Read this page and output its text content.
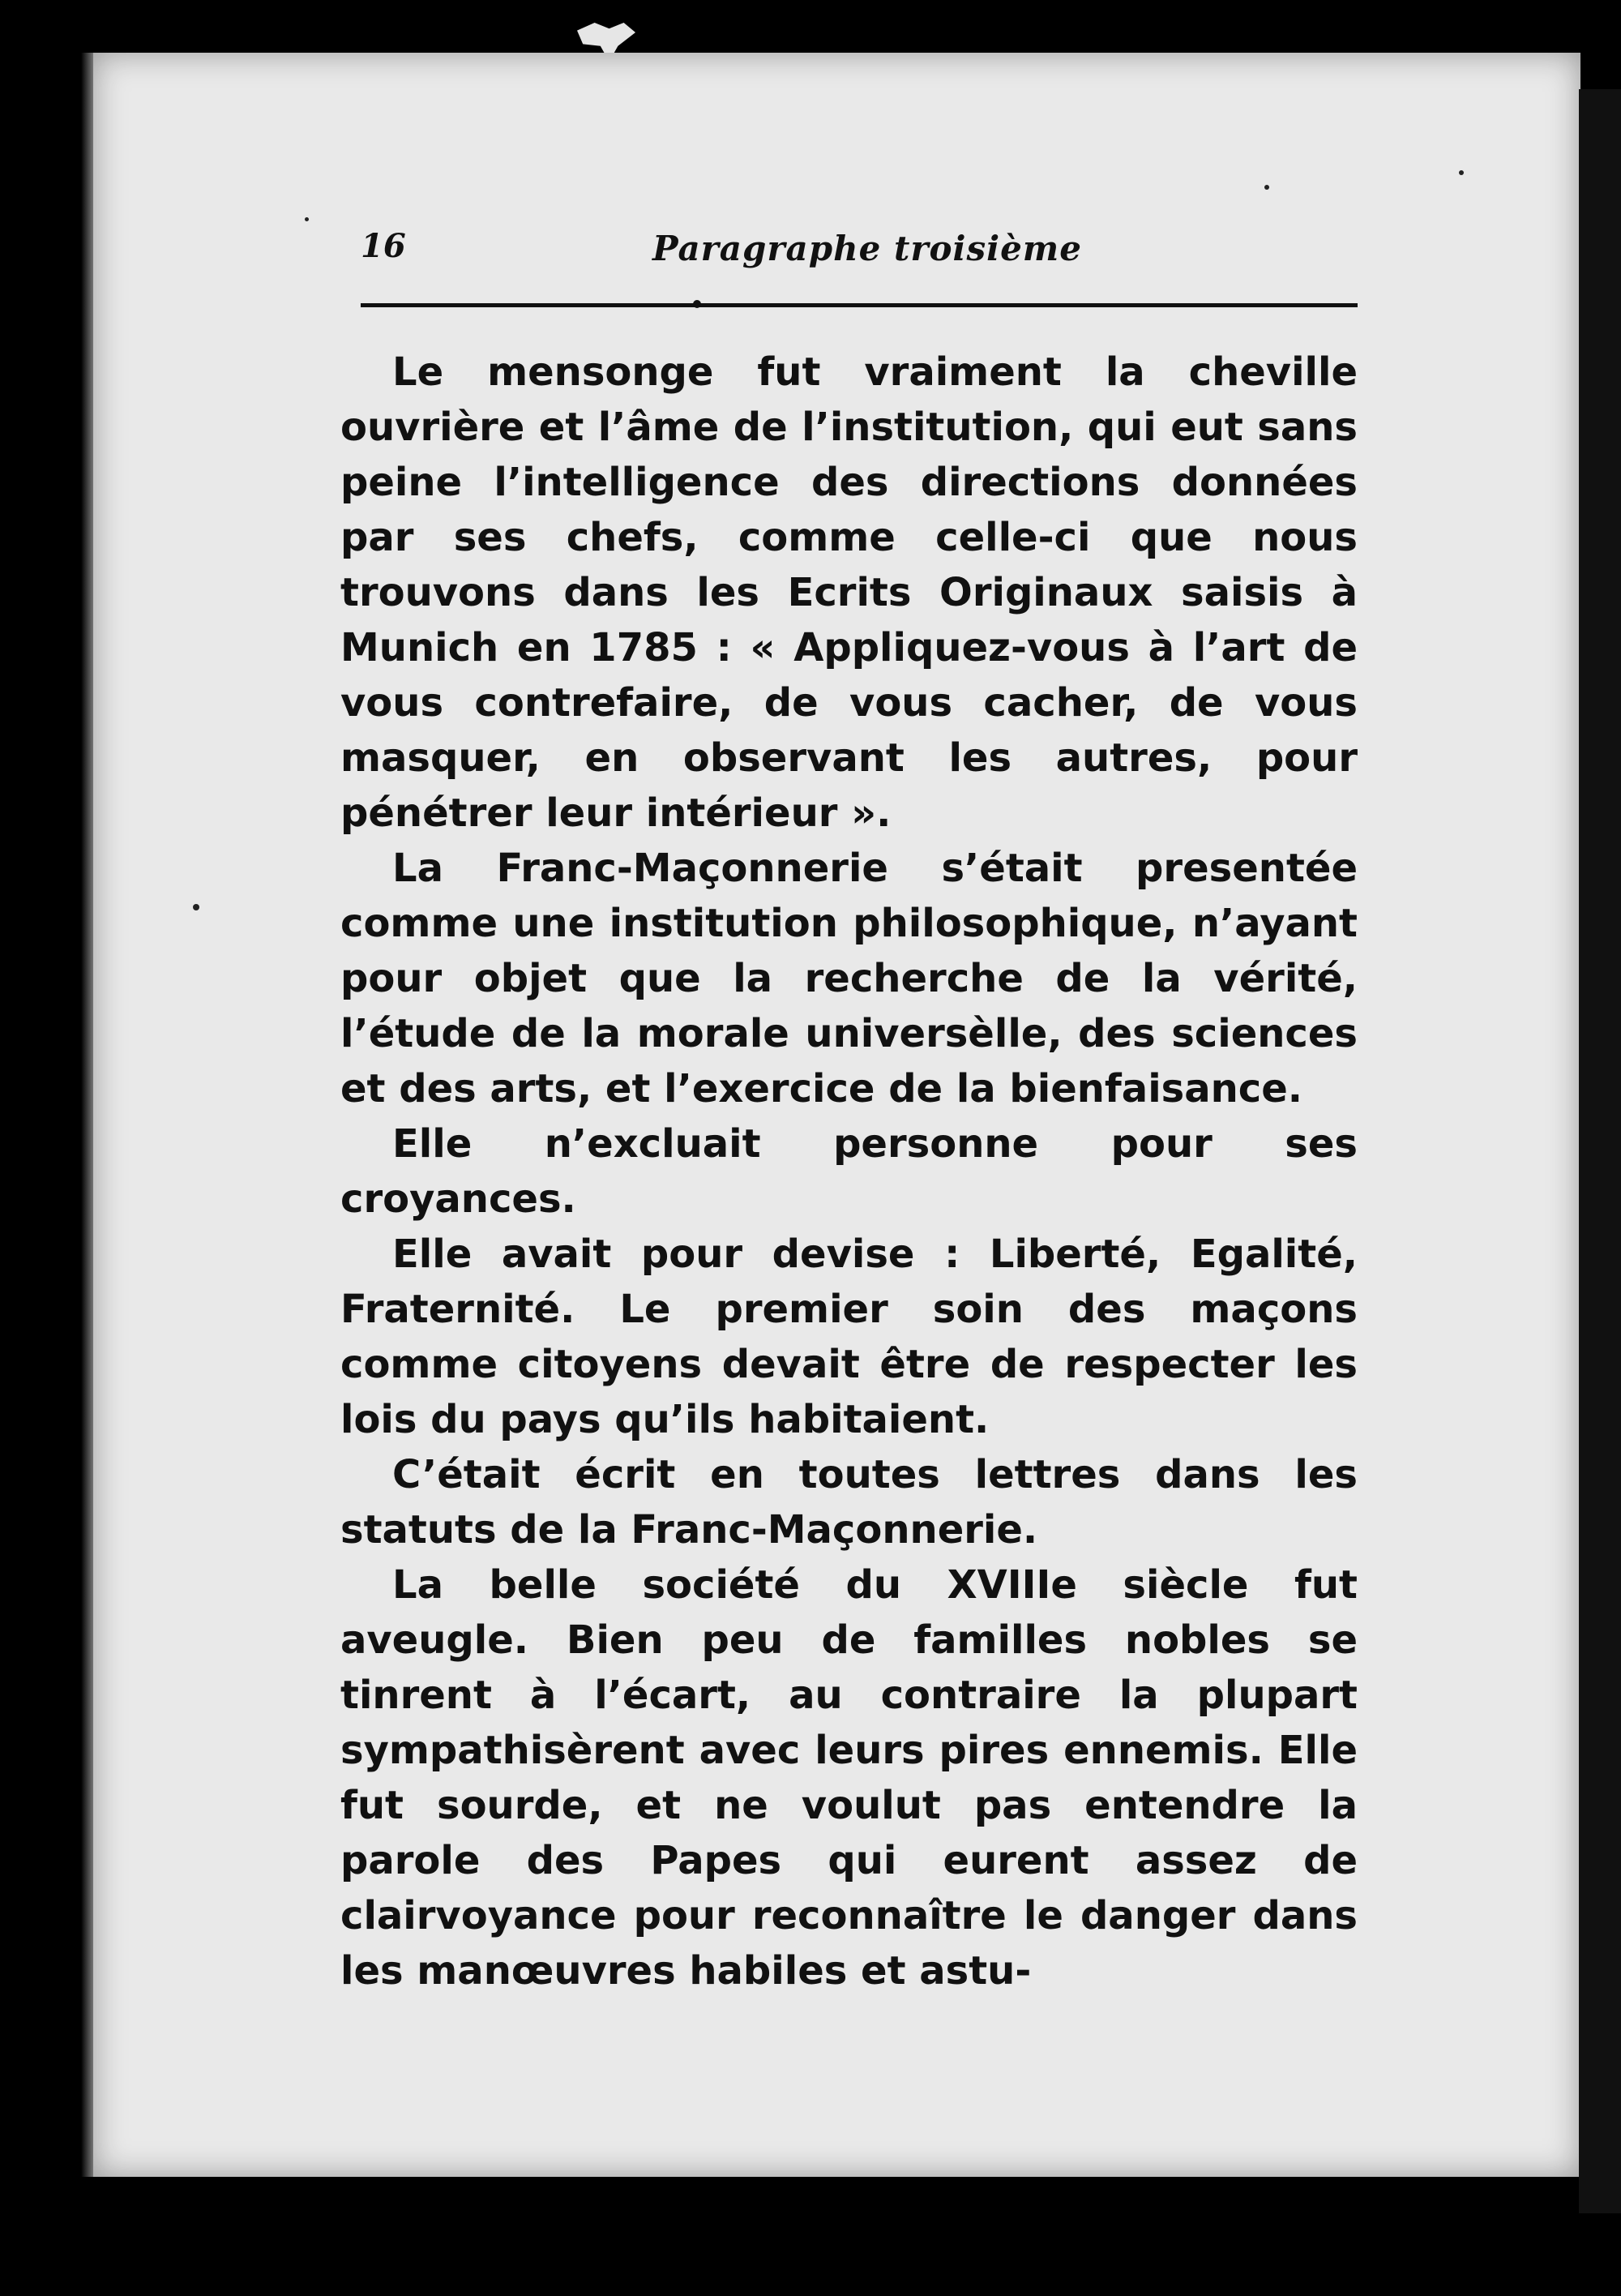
16	Paragraphe troisième

Le mensonge fut vraiment la cheville ouvrière et l’âme de l’institution, qui eut sans peine l’intelligence des directions données par ses chefs, comme celle-ci que nous trouvons dans les Ecrits Originaux saisis à Munich en 1785 : « Appliquez-vous à l’art de vous contrefaire, de vous cacher, de vous masquer, en observant les autres, pour pénétrer leur intérieur ».

La Franc-Maçonnerie s’était presentée comme une institution philosophique, n’ayant pour objet que la recherche de la vérité, l’étude de la morale universèlle, des sciences et des arts, et l’exercice de la bienfaisance.

Elle n’excluait personne pour ses croyances.

Elle avait pour devise : Liberté, Egalité, Fraternité. Le premier soin des maçons comme citoyens devait être de respecter les lois du pays qu’ils habitaient.

C’était écrit en toutes lettres dans les statuts de la Franc-Maçonnerie.

La belle société du XVIIIe siècle fut aveugle. Bien peu de familles nobles se tinrent à l’écart, au contraire la plupart sympathisèrent avec leurs pires ennemis. Elle fut sourde, et ne voulut pas entendre la parole des Papes qui eurent assez de clairvoyance pour reconnaître le danger dans les manœuvres habiles et astu-
